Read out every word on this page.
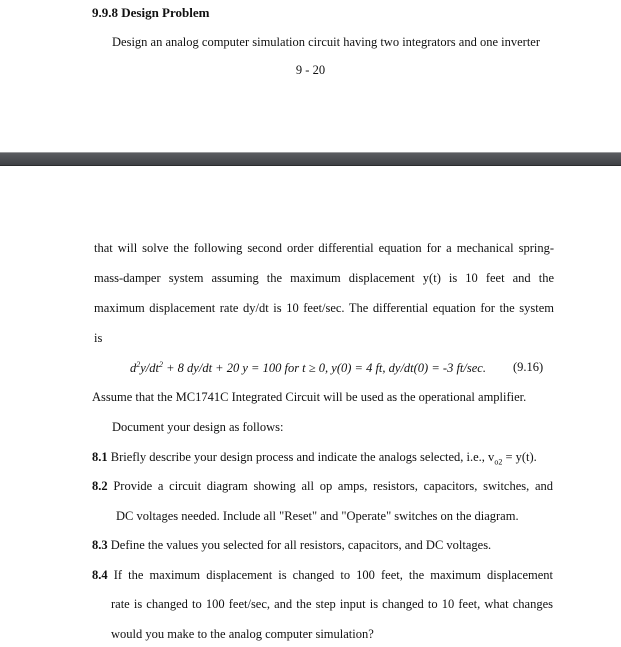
9.9.8 Design Problem
Design an analog computer simulation circuit having two integrators and one inverter
9 - 20
that will solve the following second order differential equation for a mechanical spring-
mass-damper system assuming the maximum displacement y(t) is 10 feet and the
maximum displacement rate dy/dt is 10 feet/sec. The differential equation for the system
is
$d^2y/dt^2 + 8$ dy/dt + 20 y = 100 for t ≥ 0, y(0) = 4 ft, dy/dt(0) = -3 ft/sec. (9.16)
Assume that the MC1741C Integrated Circuit will be used as the operational amplifier.
Document your design as follows:
8.1 Briefly describe your design process and indicate the analogs selected, i.e., $v_{o2} = y(t)$.
8.2 Provide a circuit diagram showing all op amps, resistors, capacitors, switches, and
DC voltages needed. Include all "Reset" and "Operate" switches on the diagram.
8.3 Define the values you selected for all resistors, capacitors, and DC voltages.
8.4 If the maximum displacement is changed to 100 feet, the maximum displacement
rate is changed to 100 feet/sec, and the step input is changed to 10 feet, what changes
would you make to the analog computer simulation?
